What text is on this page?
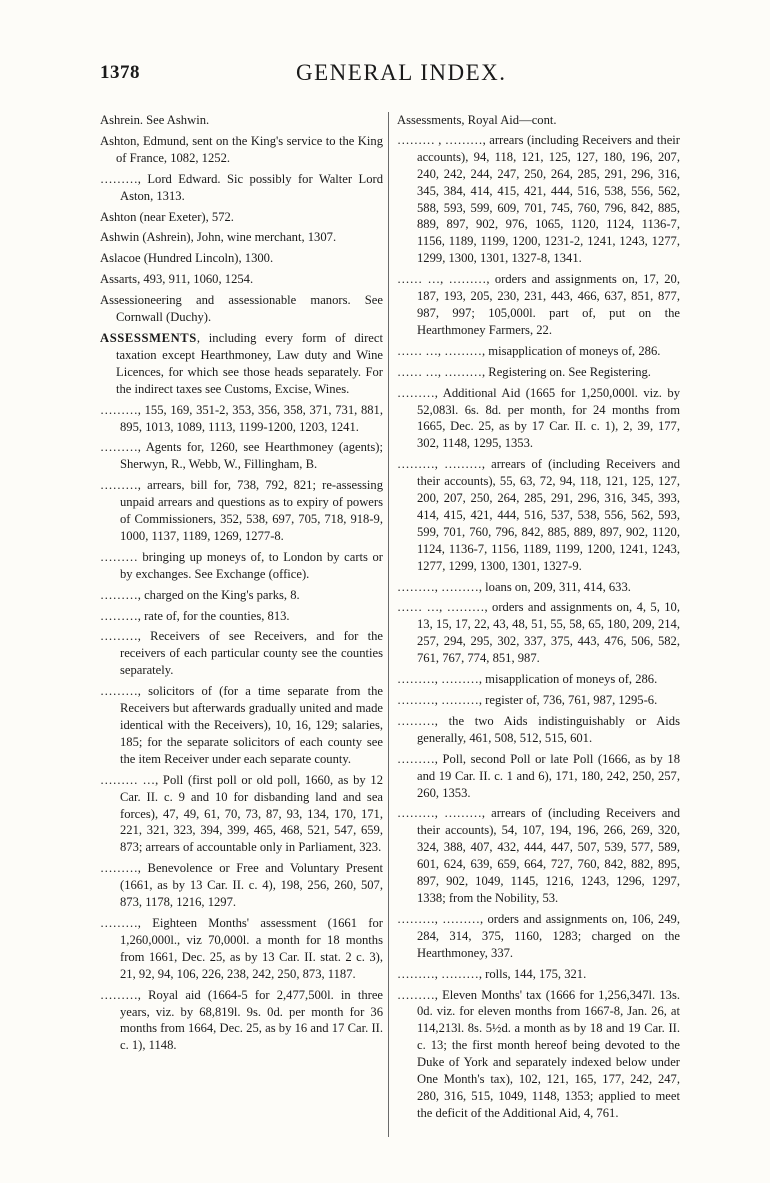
1378	GENERAL INDEX.

Ashrein. See Ashwin.

Ashton, Edmund, sent on the King's service to the King of France, 1082, 1252.

………, Lord Edward. Sic possibly for Walter Lord Aston, 1313.

Ashton (near Exeter), 572.

Ashwin (Ashrein), John, wine merchant, 1307.

Aslacoe (Hundred Lincoln), 1300.

Assarts, 493, 911, 1060, 1254.

Assessioneering and assessionable manors. See Cornwall (Duchy).

ASSESSMENTS, including every form of direct taxation except Hearthmoney, Law duty and Wine Licences, for which see those heads separately. For the indirect taxes see Customs, Excise, Wines.

………, 155, 169, 351-2, 353, 356, 358, 371, 731, 881, 895, 1013, 1089, 1113, 1199-1200, 1203, 1241.

………, Agents for, 1260, see Hearthmoney (agents); Sherwyn, R., Webb, W., Fillingham, B.

………, arrears, bill for, 738, 792, 821; re-assessing unpaid arrears and questions as to expiry of powers of Commissioners, 352, 538, 697, 705, 718, 918-9, 1000, 1137, 1189, 1269, 1277-8.

……… bringing up moneys of, to London by carts or by exchanges. See Exchange (office).

………, charged on the King's parks, 8.

………, rate of, for the counties, 813.

………, Receivers of see Receivers, and for the receivers of each particular county see the counties separately.

………, solicitors of (for a time separate from the Receivers but afterwards gradually united and made identical with the Receivers), 10, 16, 129; salaries, 185; for the separate solicitors of each county see the item Receiver under each separate county.

……… …, Poll (first poll or old poll, 1660, as by 12 Car. II. c. 9 and 10 for disbanding land and sea forces), 47, 49, 61, 70, 73, 87, 93, 134, 170, 171, 221, 321, 323, 394, 399, 465, 468, 521, 547, 659, 873; arrears of accountable only in Parliament, 323.

………, Benevolence or Free and Voluntary Present (1661, as by 13 Car. II. c. 4), 198, 256, 260, 507, 873, 1178, 1216, 1297.

………, Eighteen Months' assessment (1661 for 1,260,000l., viz 70,000l. a month for 18 months from 1661, Dec. 25, as by 13 Car. II. stat. 2 c. 3), 21, 92, 94, 106, 226, 238, 242, 250, 873, 1187.

………, Royal aid (1664-5 for 2,477,500l. in three years, viz. by 68,819l. 9s. 0d. per month for 36 months from 1664, Dec. 25, as by 16 and 17 Car. II. c. 1), 1148.

Assessments, Royal Aid—cont.

……… , ………, arrears (including Receivers and their accounts), 94, 118, 121, 125, 127, 180, 196, 207, 240, 242, 244, 247, 250, 264, 285, 291, 296, 316, 345, 384, 414, 415, 421, 444, 516, 538, 556, 562, 588, 593, 599, 609, 701, 745, 760, 796, 842, 885, 889, 897, 902, 976, 1065, 1120, 1124, 1136-7, 1156, 1189, 1199, 1200, 1231-2, 1241, 1243, 1277, 1299, 1300, 1301, 1327-8, 1341.

…… …, ………, orders and assignments on, 17, 20, 187, 193, 205, 230, 231, 443, 466, 637, 851, 877, 987, 997; 105,000l. part of, put on the Hearthmoney Farmers, 22.

…… …, ………, misapplication of moneys of, 286.

…… …, ………, Registering on. See Registering.

………, Additional Aid (1665 for 1,250,000l. viz. by 52,083l. 6s. 8d. per month, for 24 months from 1665, Dec. 25, as by 17 Car. II. c. 1), 2, 39, 177, 302, 1148, 1295, 1353.

………, ………, arrears of (including Receivers and their accounts), 55, 63, 72, 94, 118, 121, 125, 127, 200, 207, 250, 264, 285, 291, 296, 316, 345, 393, 414, 415, 421, 444, 516, 537, 538, 556, 562, 593, 599, 701, 760, 796, 842, 885, 889, 897, 902, 1120, 1124, 1136-7, 1156, 1189, 1199, 1200, 1241, 1243, 1277, 1299, 1300, 1301, 1327-9.

………, ………, loans on, 209, 311, 414, 633.

…… …, ………, orders and assignments on, 4, 5, 10, 13, 15, 17, 22, 43, 48, 51, 55, 58, 65, 180, 209, 214, 257, 294, 295, 302, 337, 375, 443, 476, 506, 582, 761, 767, 774, 851, 987.

………, ………, misapplication of moneys of, 286.

………, ………, register of, 736, 761, 987, 1295-6.

………, the two Aids indistinguishably or Aids generally, 461, 508, 512, 515, 601.

………, Poll, second Poll or late Poll (1666, as by 18 and 19 Car. II. c. 1 and 6), 171, 180, 242, 250, 257, 260, 1353.

………, ………, arrears of (including Receivers and their accounts), 54, 107, 194, 196, 266, 269, 320, 324, 388, 407, 432, 444, 447, 507, 539, 577, 589, 601, 624, 639, 659, 664, 727, 760, 842, 882, 895, 897, 902, 1049, 1145, 1216, 1243, 1296, 1297, 1338; from the Nobility, 53.

………, ………, orders and assignments on, 106, 249, 284, 314, 375, 1160, 1283; charged on the Hearthmoney, 337.

………, ………, rolls, 144, 175, 321.

………, Eleven Months' tax (1666 for 1,256,347l. 13s. 0d. viz. for eleven months from 1667-8, Jan. 26, at 114,213l. 8s. 5½d. a month as by 18 and 19 Car. II. c. 13; the first month hereof being devoted to the Duke of York and separately indexed below under One Month's tax), 102, 121, 165, 177, 242, 247, 280, 316, 515, 1049, 1148, 1353; applied to meet the deficit of the Additional Aid, 4, 761.
